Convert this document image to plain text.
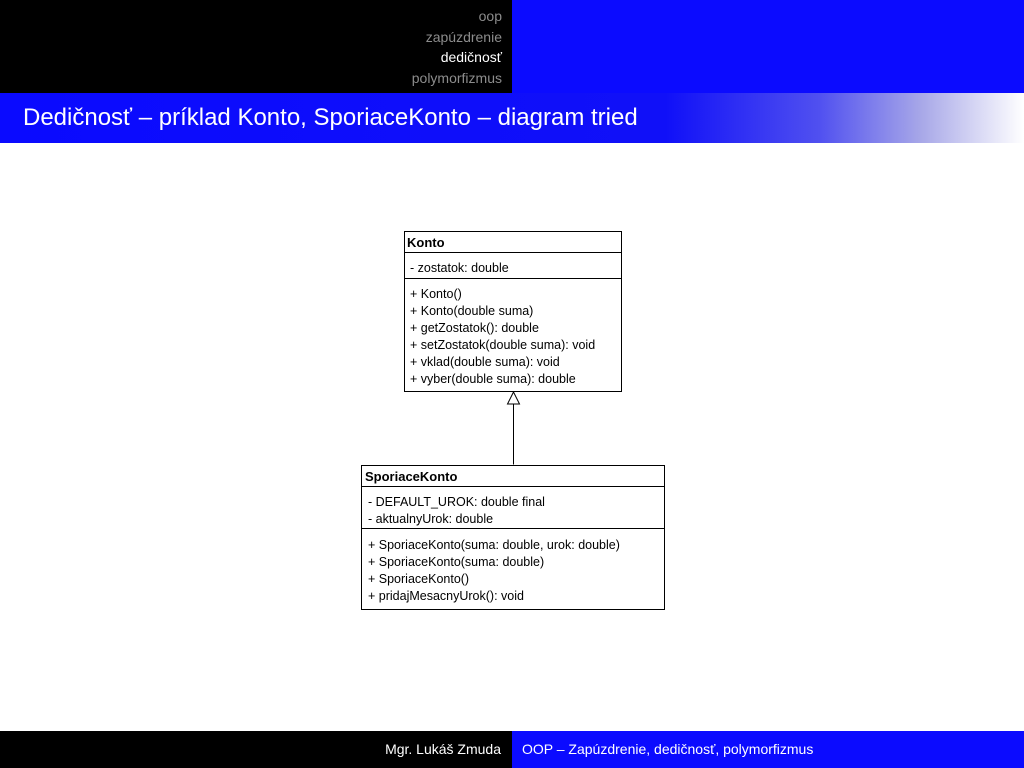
oop
zapúzdrenie
dedičnosť
polymorfizmus
Dedičnosť – príklad Konto, SporiaceKonto – diagram tried
Konto
- zostatok: double
+ Konto()
+ Konto(double suma)
+ getZostatok(): double
+ setZostatok(double suma): void
+ vklad(double suma): void
+ vyber(double suma): double
SporiaceKonto
- DEFAULT_UROK: double final
- aktualnyUrok: double
+ SporiaceKonto(suma: double, urok: double)
+ SporiaceKonto(suma: double)
+ SporiaceKonto()
+ pridajMesacnyUrok(): void
Mgr. Lukáš Zmuda OOP – Zapúzdrenie, dedičnosť, polymorfizmus
